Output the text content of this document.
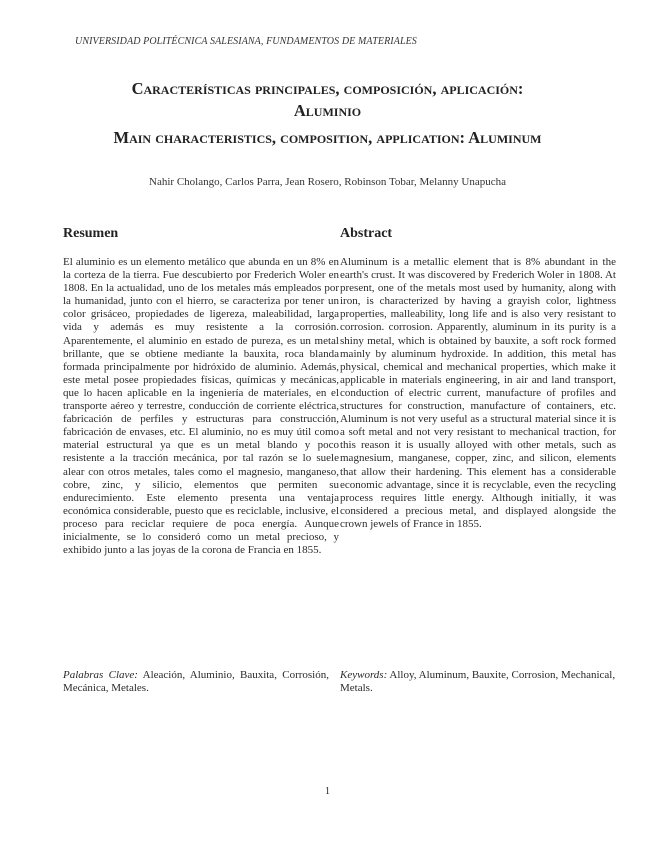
UNIVERSIDAD POLITÉCNICA SALESIANA, FUNDAMENTOS DE MATERIALES
Características principales, composición, aplicación:
Aluminio
Main characteristics, composition, application: Aluminum
Nahir Cholango, Carlos Parra, Jean Rosero, Robinson Tobar, Melanny Unapucha
Resumen

El aluminio es un elemento metálico que abunda en un 8% en la corteza de la tierra. Fue descubierto por Frederich Woler en 1808. En la actualidad, uno de los metales más empleados por la humanidad, junto con el hierro, se caracteriza por tener un color grisáceo, propiedades de ligereza, maleabilidad, larga vida y además es muy resistente a la corrosión. Aparentemente, el aluminio en estado de pureza, es un metal brillante, que se obtiene mediante la bauxita, roca blanda formada principalmente por hidróxido de aluminio. Además, este metal posee propiedades físicas, químicas y mecánicas, que lo hacen aplicable en la ingeniería de materiales, en el transporte aéreo y terrestre, conducción de corriente eléctrica, fabricación de perfiles y estructuras para construcción, fabricación de envases, etc. El aluminio, no es muy útil como material estructural ya que es un metal blando y poco resistente a la tracción mecánica, por tal razón se lo suele alear con otros metales, tales como el magnesio, manganeso, cobre, zinc, y silicio, elementos que permiten su endurecimiento. Este elemento presenta una ventaja económica considerable, puesto que es reciclable, inclusive, el proceso para reciclar requiere de poca energía. Aunque inicialmente, se lo consideró como un metal precioso, y exhibido junto a las joyas de la corona de Francia en 1855.

Abstract

Aluminum is a metallic element that is 8% abundant in the earth's crust. It was discovered by Frederich Woler in 1808. At present, one of the metals most used by humanity, along with iron, is characterized by having a grayish color, lightness properties, malleability, long life and is also very resistant to corrosion. corrosion. Apparently, aluminum in its purity is a shiny metal, which is obtained by bauxite, a soft rock formed mainly by aluminum hydroxide. In addition, this metal has physical, chemical and mechanical properties, which make it applicable in materials engineering, in air and land transport, conduction of electric current, manufacture of profiles and structures for construction, manufacture of containers, etc. Aluminum is not very useful as a structural material since it is a soft metal and not very resistant to mechanical traction, for this reason it is usually alloyed with other metals, such as magnesium, manganese, copper, zinc, and silicon, elements that allow their hardening. This element has a considerable economic advantage, since it is recyclable, even the recycling process requires little energy. Although initially, it was considered a precious metal, and displayed alongside the crown jewels of France in 1855.

Palabras Clave: Aleación, Aluminio, Bauxita, Corrosión, Mecánica, Metales.
Keywords: Alloy, Aluminum, Bauxite, Corrosion, Mechanical, Metals.
1
